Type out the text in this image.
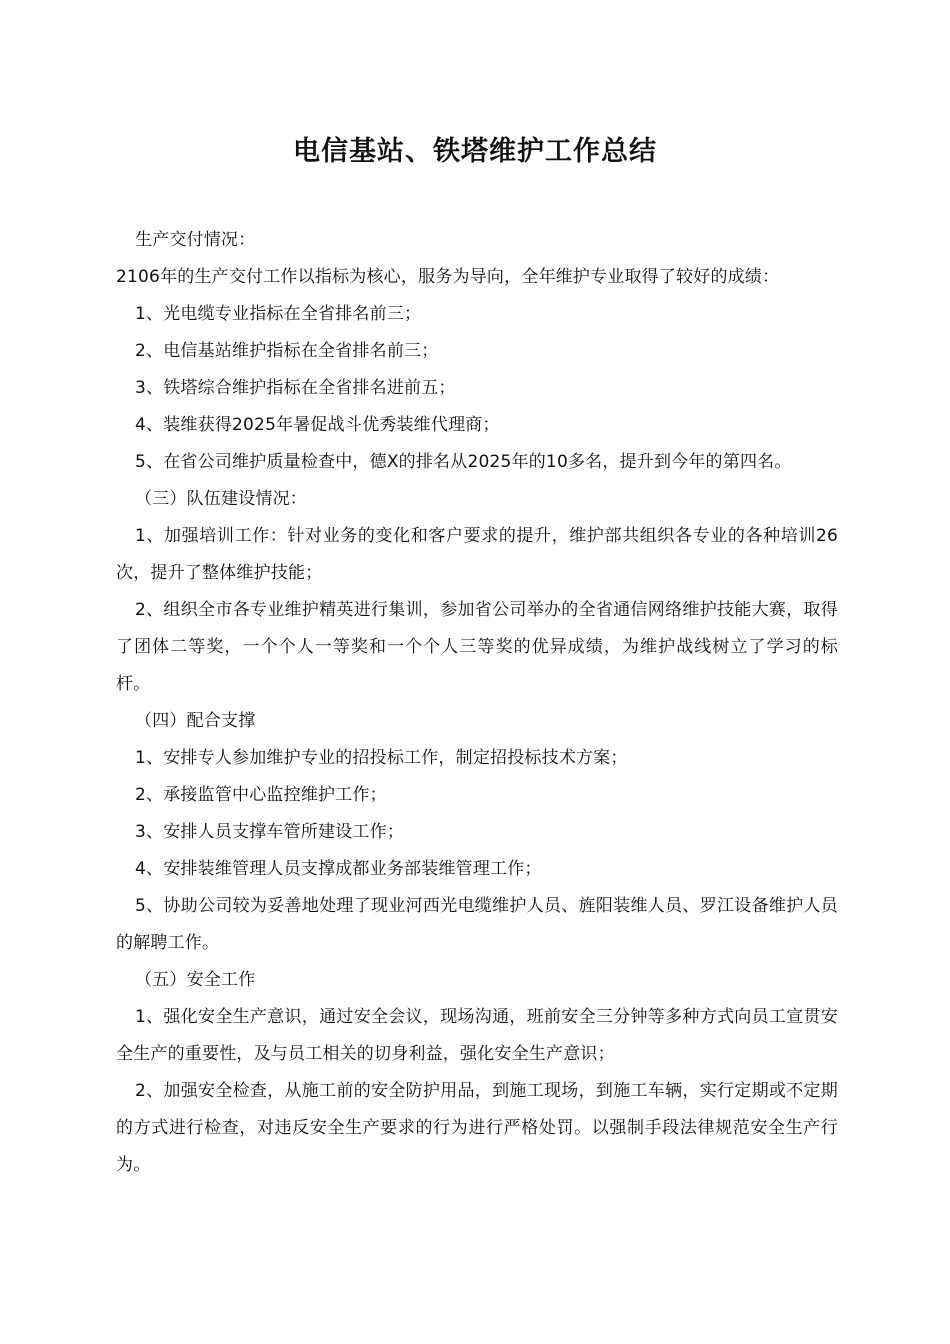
电信基站、铁塔维护工作总结

生产交付情况：

2106年的生产交付工作以指标为核心，服务为导向，全年维护专业取得了较好的成绩：

1、光电缆专业指标在全省排名前三；

2、电信基站维护指标在全省排名前三；

3、铁塔综合维护指标在全省排名进前五；

4、装维获得2025年暑促战斗优秀装维代理商；

5、在省公司维护质量检查中，德X的排名从2025年的10多名，提升到今年的第四名。

（三）队伍建设情况：

1、加强培训工作：针对业务的变化和客户要求的提升，维护部共组织各专业的各种培训26次，提升了整体维护技能；

2、组织全市各专业维护精英进行集训，参加省公司举办的全省通信网络维护技能大赛，取得了团体二等奖，一个个人一等奖和一个个人三等奖的优异成绩，为维护战线树立了学习的标杆。

（四）配合支撑

1、安排专人参加维护专业的招投标工作，制定招投标技术方案；

2、承接监管中心监控维护工作；

3、安排人员支撑车管所建设工作；

4、安排装维管理人员支撑成都业务部装维管理工作；

5、协助公司较为妥善地处理了现业河西光电缆维护人员、旌阳装维人员、罗江设备维护人员的解聘工作。

（五）安全工作

1、强化安全生产意识，通过安全会议，现场沟通，班前安全三分钟等多种方式向员工宣贯安全生产的重要性，及与员工相关的切身利益，强化安全生产意识；

2、加强安全检查，从施工前的安全防护用品，到施工现场，到施工车辆，实行定期或不定期的方式进行检查，对违反安全生产要求的行为进行严格处罚。以强制手段法律规范安全生产行为。
